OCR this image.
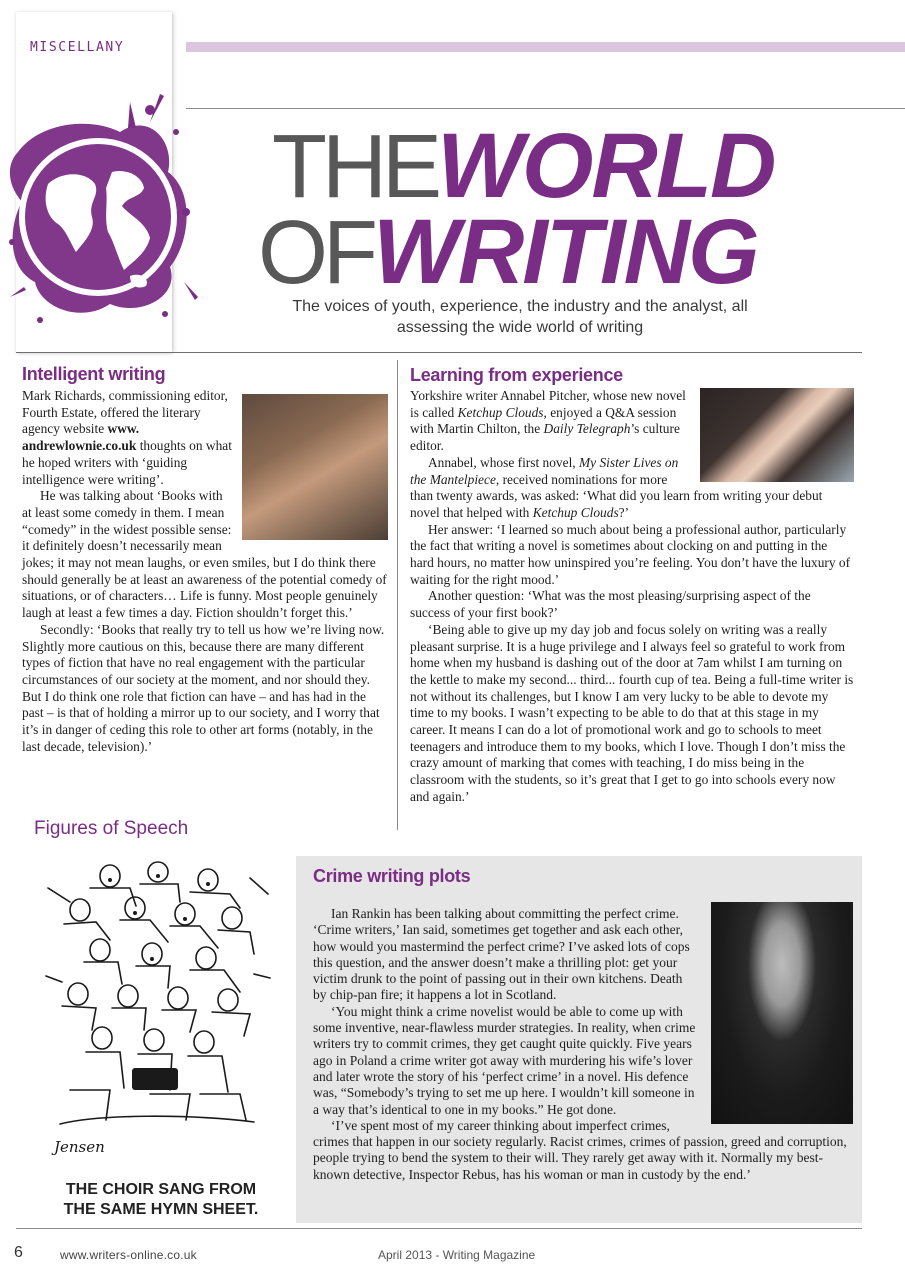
MISCELLANY
THEWORLD
OFWRITING
The voices of youth, experience, the industry and the analyst, all
assessing the wide world of writing
Intelligent writing

Mark Richards, commissioning editor, Fourth Estate, offered the literary agency website www. andrewlownie.co.uk thoughts on what he hoped writers with ‘guiding intelligence were writing’.

He was talking about ‘Books with at least some comedy in them. I mean “comedy” in the widest possible sense: it definitely doesn’t necessarily mean jokes; it may not mean laughs, or even smiles, but I do think there should generally be at least an awareness of the potential comedy of situations, or of characters… Life is funny. Most people genuinely laugh at least a few times a day. Fiction shouldn’t forget this.’

Secondly: ‘Books that really try to tell us how we’re living now. Slightly more cautious on this, because there are many different types of fiction that have no real engagement with the particular circumstances of our society at the moment, and nor should they. But I do think one role that fiction can have – and has had in the past – is that of holding a mirror up to our society, and I worry that it’s in danger of ceding this role to other art forms (notably, in the last decade, television).’

Learning from experience

Yorkshire writer Annabel Pitcher, whose new novel is called Ketchup Clouds, enjoyed a Q&A session with Martin Chilton, the Daily Telegraph’s culture editor.

Annabel, whose first novel, My Sister Lives on the Mantelpiece, received nominations for more than twenty awards, was asked: ‘What did you learn from writing your debut novel that helped with Ketchup Clouds?’

Her answer: ‘I learned so much about being a professional author, particularly the fact that writing a novel is sometimes about clocking on and putting in the hard hours, no matter how uninspired you’re feeling. You don’t have the luxury of waiting for the right mood.’

Another question: ‘What was the most pleasing/surprising aspect of the success of your first book?’

‘Being able to give up my day job and focus solely on writing was a really pleasant surprise. It is a huge privilege and I always feel so grateful to work from home when my husband is dashing out of the door at 7am whilst I am turning on the kettle to make my second... third... fourth cup of tea. Being a full-time writer is not without its challenges, but I know I am very lucky to be able to devote my time to my books. I wasn’t expecting to be able to do that at this stage in my career. It means I can do a lot of promotional work and go to schools to meet teenagers and introduce them to my books, which I love. Though I don’t miss the crazy amount of marking that comes with teaching, I do miss being in the classroom with the students, so it’s great that I get to go into schools every now and again.’

Figures of Speech
Jensen
THE CHOIR SANG FROM
THE SAME HYMN SHEET.
Crime writing plots

Ian Rankin has been talking about committing the perfect crime. ‘Crime writers,’ Ian said, sometimes get together and ask each other, how would you mastermind the perfect crime? I’ve asked lots of cops this question, and the answer doesn’t make a thrilling plot: get your victim drunk to the point of passing out in their own kitchens. Death by chip-pan fire; it happens a lot in Scotland.

‘You might think a crime novelist would be able to come up with some inventive, near-flawless murder strategies. In reality, when crime writers try to commit crimes, they get caught quite quickly. Five years ago in Poland a crime writer got away with murdering his wife’s lover and later wrote the story of his ‘perfect crime’ in a novel. His defence was, “Somebody’s trying to set me up here. I wouldn’t kill someone in a way that’s identical to one in my books.” He got done.

‘I’ve spent most of my career thinking about imperfect crimes, crimes that happen in our society regularly. Racist crimes, crimes of passion, greed and corruption, people trying to bend the system to their will. They rarely get away with it. Normally my best-known detective, Inspector Rebus, has his woman or man in custody by the end.’

6	www.writers-online.co.uk	April 2013 - Writing Magazine
